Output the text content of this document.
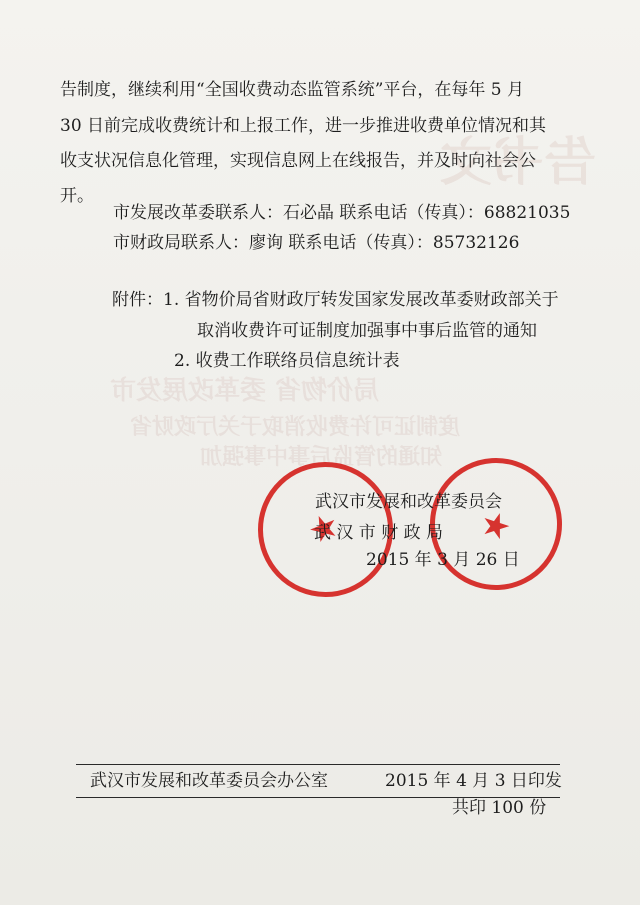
告书文
局价物省 委革改展发市
度制证可许费收消取于关厅政财省
知通的管监后事中事强加
告制度，继续利用“全国收费动态监管系统”平台，在每年 5 月
30 日前完成收费统计和上报工作，进一步推进收费单位情况和其
收支状况信息化管理，实现信息网上在线报告，并及时向社会公
开。
市发展改革委联系人：石必晶 联系电话（传真）：68821035
市财政局联系人：廖询 联系电话（传真）：85732126
附件：1. 省物价局省财政厅转发国家发展改革委财政部关于
取消收费许可证制度加强事中事后监管的通知
2. 收费工作联络员信息统计表
★	★
武汉市发展和改革委员会
武 汉 市 财 政 局
2015 年 3 月 26 日
武汉市发展和改革委员会办公室	2015 年 4 月 3 日印发
共印 100 份
